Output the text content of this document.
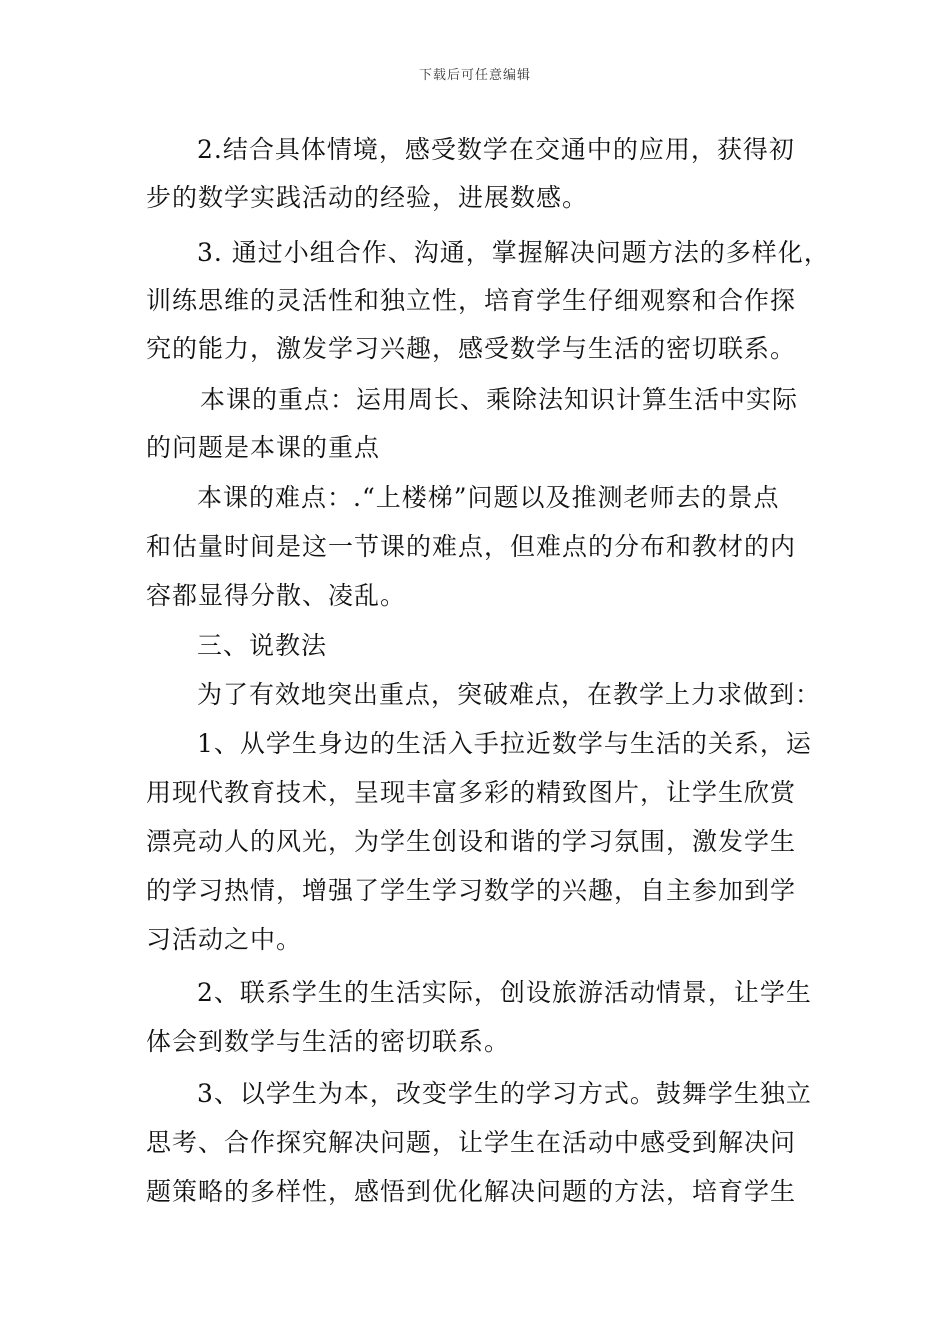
下载后可任意编辑
2.结合具体情境，感受数学在交通中的应用，获得初
步的数学实践活动的经验，进展数感。
3. 通过小组合作、沟通，掌握解决问题方法的多样化，
训练思维的灵活性和独立性，培育学生仔细观察和合作探
究的能力，激发学习兴趣，感受数学与生活的密切联系。
本课的重点：运用周长、乘除法知识计算生活中实际
的问题是本课的重点
本课的难点：.“上楼梯”问题以及推测老师去的景点
和估量时间是这一节课的难点，但难点的分布和教材的内
容都显得分散、凌乱。
三、说教法
为了有效地突出重点，突破难点，在教学上力求做到：
1、从学生身边的生活入手拉近数学与生活的关系，运
用现代教育技术，呈现丰富多彩的精致图片，让学生欣赏
漂亮动人的风光，为学生创设和谐的学习氛围，激发学生
的学习热情，增强了学生学习数学的兴趣，自主参加到学
习活动之中。
2、联系学生的生活实际，创设旅游活动情景，让学生
体会到数学与生活的密切联系。
3、以学生为本，改变学生的学习方式。鼓舞学生独立
思考、合作探究解决问题，让学生在活动中感受到解决问
题策略的多样性，感悟到优化解决问题的方法，培育学生
